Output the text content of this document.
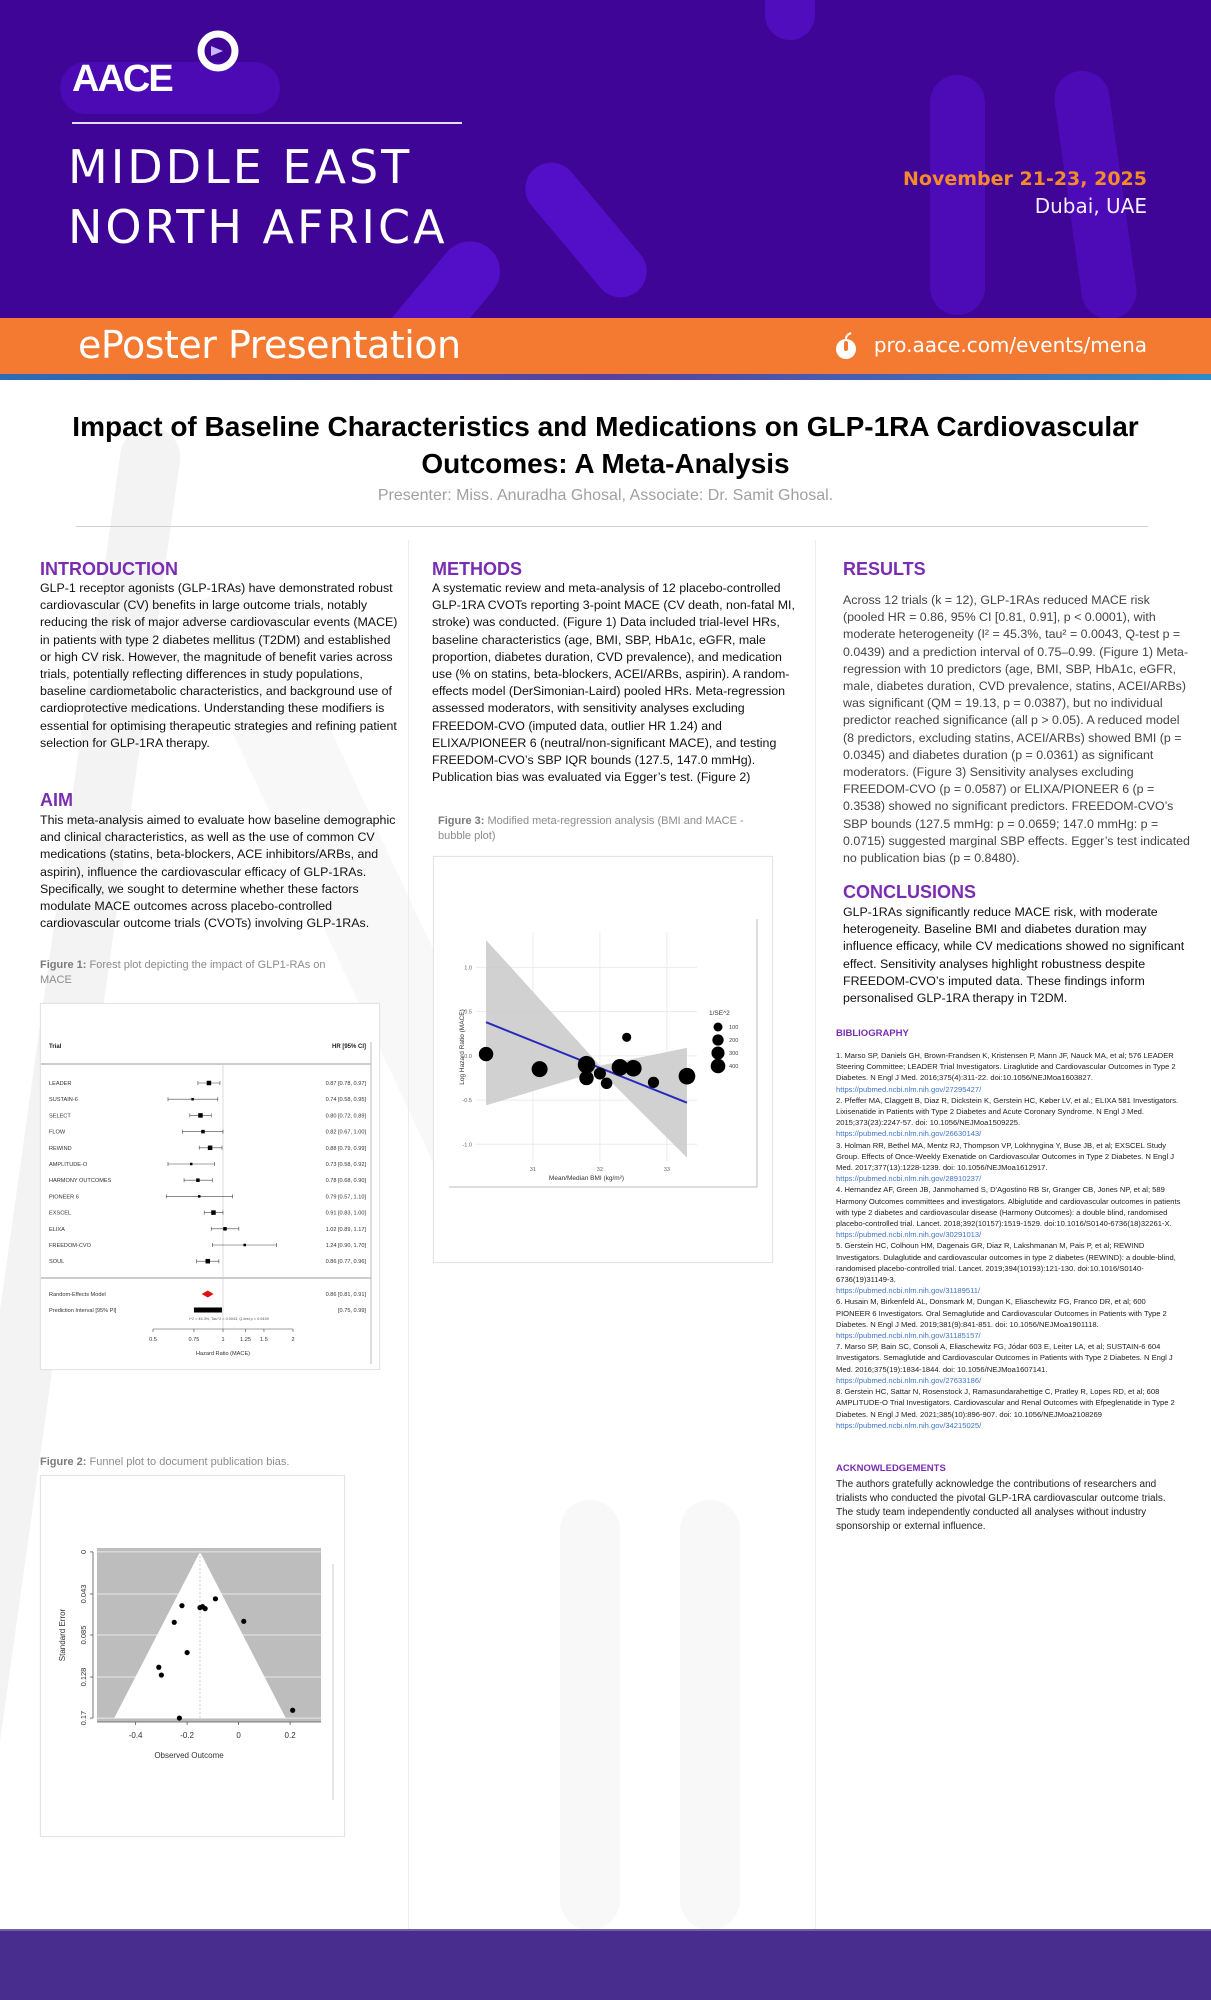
AACE
MIDDLE EAST
NORTH AFRICA
November 21-23, 2025
Dubai, UAE
ePoster Presentation	pro.aace.com/events/mena
Impact of Baseline Characteristics and Medications on GLP-1RA Cardiovascular Outcomes: A Meta-Analysis
Presenter: Miss. Anuradha Ghosal, Associate: Dr. Samit Ghosal.
INTRODUCTION
GLP-1 receptor agonists (GLP-1RAs) have demonstrated robust cardiovascular (CV) benefits in large outcome trials, notably reducing the risk of major adverse cardiovascular events (MACE) in patients with type 2 diabetes mellitus (T2DM) and established or high CV risk. However, the magnitude of benefit varies across trials, potentially reflecting differences in study populations, baseline cardiometabolic characteristics, and background use of cardioprotective medications. Understanding these modifiers is essential for optimising therapeutic strategies and refining patient selection for GLP-1RA therapy.
AIM
This meta-analysis aimed to evaluate how baseline demographic and clinical characteristics, as well as the use of common CV medications (statins, beta-blockers, ACE inhibitors/ARBs, and aspirin), influence the cardiovascular efficacy of GLP-1RAs. Specifically, we sought to determine whether these factors modulate MACE outcomes across placebo-controlled cardiovascular outcome trials (CVOTs) involving GLP-1RAs.
Figure 1: Forest plot depicting the impact of GLP1-RAs on MACE
Trial	HR [95% CI]
LEADER	0.87 [0.78, 0.97]
SUSTAIN-6	0.74 [0.58, 0.95]
SELECT	0.80 [0.72, 0.89]
FLOW	0.82 [0.67, 1.00]
REWIND	0.88 [0.79, 0.99]
AMPLITUDE-O	0.73 [0.58, 0.92]
HARMONY OUTCOMES	0.78 [0.68, 0.90]
PIONEER 6	0.79 [0.57, 1.10]
EXSCEL	0.91 [0.83, 1.00]
ELIXA	1.02 [0.89, 1.17]
FREEDOM-CVO	1.24 [0.90, 1.70]
SOUL	0.86 [0.77, 0.96]
Random-Effects Model	0.86 [0.81, 0.91]
Prediction Interval [95% PI]	[0.75, 0.99]
I^2 = 45.3%, Tau^2 = 0.0043, Q-test p = 0.0439
0.5	0.75	1	1.25 1.5	2
Hazard Ratio (MACE)
Figure 2: Funnel plot to document publication bias.
-0.4	-0.2	0	0.2
0
0.043
0.085
0.128
0.17
Observed Outcome
Standard Error
METHODS
A systematic review and meta-analysis of 12 placebo-controlled GLP-1RA CVOTs reporting 3-point MACE (CV death, non-fatal MI, stroke) was conducted. (Figure 1) Data included trial-level HRs, baseline characteristics (age, BMI, SBP, HbA1c, eGFR, male proportion, diabetes duration, CVD prevalence), and medication use (% on statins, beta-blockers, ACEI/ARBs, aspirin). A random-effects model (DerSimonian-Laird) pooled HRs. Meta-regression assessed moderators, with sensitivity analyses excluding FREEDOM-CVO (imputed data, outlier HR 1.24) and ELIXA/PIONEER 6 (neutral/non-significant MACE), and testing FREEDOM-CVO’s SBP IQR bounds (127.5, 147.0 mmHg). Publication bias was evaluated via Egger’s test. (Figure 2)
Figure 3: Modified meta-regression analysis (BMI and MACE - bubble plot)
1.0
0.5
0.0
-0.5
-1.0
31	32	33
Mean/Median BMI (kg/m²)
Log Hazard Ratio (MACE)	1/SE^2
100
200
300
400
RESULTS
Across 12 trials (k = 12), GLP-1RAs reduced MACE risk (pooled HR = 0.86, 95% CI [0.81, 0.91], p < 0.0001), with moderate heterogeneity (I² = 45.3%, tau² = 0.0043, Q-test p = 0.0439) and a prediction interval of 0.75–0.99. (Figure 1) Meta-regression with 10 predictors (age, BMI, SBP, HbA1c, eGFR, male, diabetes duration, CVD prevalence, statins, ACEI/ARBs) was significant (QM = 19.13, p = 0.0387), but no individual predictor reached significance (all p > 0.05). A reduced model (8 predictors, excluding statins, ACEI/ARBs) showed BMI (p = 0.0345) and diabetes duration (p = 0.0361) as significant moderators. (Figure 3) Sensitivity analyses excluding FREEDOM-CVO (p = 0.0587) or ELIXA/PIONEER 6 (p = 0.3538) showed no significant predictors. FREEDOM-CVO’s SBP bounds (127.5 mmHg: p = 0.0659; 147.0 mmHg: p = 0.0715) suggested marginal SBP effects. Egger’s test indicated no publication bias (p = 0.8480).
CONCLUSIONS
GLP-1RAs significantly reduce MACE risk, with moderate heterogeneity. Baseline BMI and diabetes duration may influence efficacy, while CV medications showed no significant effect. Sensitivity analyses highlight robustness despite FREEDOM-CVO’s imputed data. These findings inform personalised GLP-1RA therapy in T2DM.
BIBLIOGRAPHY
1. Marso SP, Daniels GH, Brown-Frandsen K, Kristensen P, Mann JF, Nauck MA, et al; 576 LEADER Steering Committee; LEADER Trial Investigators. Liraglutide and Cardiovascular Outcomes in Type 2 Diabetes. N Engl J Med. 2016;375(4):311-22. doi:10.1056/NEJMoa1603827.
https://pubmed.ncbi.nlm.nih.gov/27295427/
2. Pfeffer MA, Claggett B, Diaz R, Dickstein K, Gerstein HC, Køber LV, et al.; ELIXA 581 Investigators. Lixisenatide in Patients with Type 2 Diabetes and Acute Coronary Syndrome. N Engl J Med. 2015;373(23):2247-57. doi: 10.1056/NEJMoa1509225.
https://pubmed.ncbi.nlm.nih.gov/26630143/
3. Holman RR, Bethel MA, Mentz RJ, Thompson VP, Lokhnygina Y, Buse JB, et al; EXSCEL Study Group. Effects of Once-Weekly Exenatide on Cardiovascular Outcomes in Type 2 Diabetes. N Engl J Med. 2017;377(13):1228-1239. doi: 10.1056/NEJMoa1612917.
https://pubmed.ncbi.nlm.nih.gov/28910237/
4. Hernandez AF, Green JB, Janmohamed S, D'Agostino RB Sr, Granger CB, Jones NP, et al; 589 Harmony Outcomes committees and investigators. Albiglutide and cardiovascular outcomes in patients with type 2 diabetes and cardiovascular disease (Harmony Outcomes): a double blind, randomised placebo-controlled trial. Lancet. 2018;392(10157):1519-1529. doi:10.1016/S0140-6736(18)32261-X.
https://pubmed.ncbi.nlm.nih.gov/30291013/
5. Gerstein HC, Colhoun HM, Dagenais GR, Diaz R, Lakshmanan M, Pais P, et al; REWIND Investigators. Dulaglutide and cardiovascular outcomes in type 2 diabetes (REWIND): a double-blind, randomised placebo-controlled trial. Lancet. 2019;394(10193):121-130. doi:10.1016/S0140-6736(19)31149-3.
https://pubmed.ncbi.nlm.nih.gov/31189511/
6. Husain M, Birkenfeld AL, Donsmark M, Dungan K, Eliaschewitz FG, Franco DR, et al; 600 PIONEER 6 Investigators. Oral Semaglutide and Cardiovascular Outcomes in Patients with Type 2 Diabetes. N Engl J Med. 2019;381(9):841-851. doi: 10.1056/NEJMoa1901118.
https://pubmed.ncbi.nlm.nih.gov/31185157/
7. Marso SP, Bain SC, Consoli A, Eliaschewitz FG, Jódar 603 E, Leiter LA, et al; SUSTAIN-6 604 Investigators. Semaglutide and Cardiovascular Outcomes in Patients with Type 2 Diabetes. N Engl J Med. 2016;375(19):1834-1844. doi: 10.1056/NEJMoa1607141.
https://pubmed.ncbi.nlm.nih.gov/27633186/
8. Gerstein HC, Sattar N, Rosenstock J, Ramasundarahettige C, Pratley R, Lopes RD, et al; 608 AMPLITUDE-O Trial Investigators. Cardiovascular and Renal Outcomes with Efpeglenatide in Type 2 Diabetes. N Engl J Med. 2021;385(10):896-907. doi: 10.1056/NEJMoa2108269
https://pubmed.ncbi.nlm.nih.gov/34215025/
ACKNOWLEDGEMENTS
The authors gratefully acknowledge the contributions of researchers and trialists who conducted the pivotal GLP-1RA cardiovascular outcome trials. The study team independently conducted all analyses without industry sponsorship or external influence.
